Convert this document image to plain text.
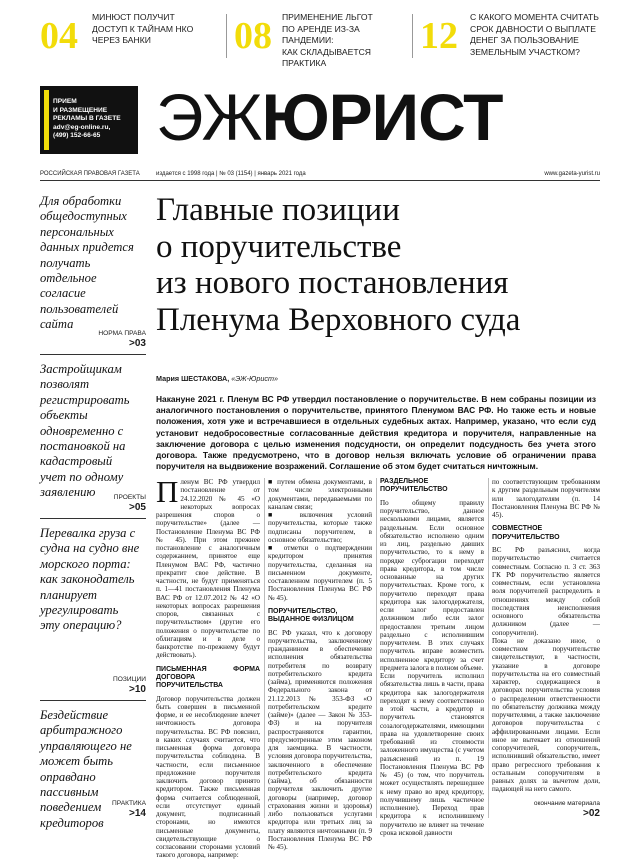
04 МИНЮСТ ПОЛУЧИТ
ДОСТУП К ТАЙНАМ НКО
ЧЕРЕЗ БАНКИ	08 ПРИМЕНЕНИЕ ЛЬГОТ
ПО АРЕНДЕ ИЗ-ЗА ПАНДЕМИИ:
КАК СКЛАДЫВАЕТСЯ
ПРАКТИКА
12 С КАКОГО МОМЕНТА СЧИТАТЬ
СРОК ДАВНОСТИ О ВЫПЛАТЕ
ДЕНЕГ ЗА ПОЛЬЗОВАНИЕ
ЗЕМЕЛЬНЫМ УЧАСТКОМ?
ПРИЕМ
И РАЗМЕЩЕНИЕ
РЕКЛАМЫ В ГАЗЕТЕ
adv@eg-online.ru,
(499) 152-66-65 ЭЖЮРИСТ
РОССИЙСКАЯ ПРАВОВАЯ ГАЗЕТА	издается с 1998 года | № 03 (1154) | январь 2021 года	www.gazeta-yurist.ru
Для обработки общедоступных персональных данных придется получать отдельное согласие пользователей сайта
НОРМА ПРАВА
>03
Застройщикам позволят регистрировать объекты одновременно с постановкой на кадастровый учет по одному заявлению	ПРОЕКТЫ
>05
Перевалка груза с судна на судно вне морского порта: как законодатель планирует урегулировать эту операцию?
ПОЗИЦИИ
>10
Бездействие арбитражного управляющего не может быть оправдано пассивным поведением кредиторов
ПРАКТИКА
>14
Главные позиции
о поручительстве
из нового постановления
Пленума Верховного суда
Мария ШЕСТАКОВА, «ЭЖ-Юрист»
Накануне 2021 г. Пленум ВС РФ утвердил постановление о поручительстве. В нем собраны позиции из аналогичного постановления о поручительстве, принятого Пленумом ВАС РФ. Но также есть и новые положения, хотя уже и встречавшиеся в отдельных судебных актах. Например, указано, что если суд установит недобросовестные согласованные действия кредитора и поручителя, направленные на заключение договора с целью изменения подсудности, он определит подсудность без учета этого договора. Также предусмотрено, что в договор нельзя включать условие об ограничении права поручителя на выдвижение возражений. Соглашение об этом будет считаться ничтожным.

Пленум ВС РФ утвердил постановление от 24.12.2020 № 45 «О некоторых вопросах разрешения споров о поручительстве» (далее — Постановление Пленума ВС РФ № 45). При этом прежнее постановление с аналогичным содержанием, принятое еще Пленумом ВАС РФ, частично прекратит свое действие. В частности, не будут применяться п. 1—41 постановления Пленума ВАС РФ от 12.07.2012 № 42 «О некоторых вопросах разрешения споров, связанных с поручительством» (другие его положения о поручительстве по облигациям и в деле о банкротстве по-прежнему будут действовать).

ПИСЬМЕННАЯ ФОРМА ДОГОВОРА ПОРУЧИТЕЛЬСТВА

Договор поручительства должен быть совершен в письменной форме, и ее несоблюдение влечет ничтожность договора поручительства. ВС РФ пояснил, в каких случаях считается, что письменная форма договора поручительства соблюдена. В частности, если письменное предложение поручителя заключить договор принято кредитором. Также письменная форма считается соблюденной, если отсутствует единый документ, подписанный сторонами, но имеются письменные документы, свидетельствующие о согласовании сторонами условий такого договора, например:

■ путем обмена документами, в том числе электронными документами, передаваемыми по каналам связи;

■ включения условий поручительства, которые также подписаны поручителем, в основное обязательство;

■ отметки о подтверждении кредитором принятия поручительства, сделанная на письменном документе, составленном поручителем (п. 5 Постановления Пленума ВС РФ № 45).

ПОРУЧИТЕЛЬСТВО, ВЫДАННОЕ ФИЗЛИЦОМ

ВС РФ указал, что к договору поручительства, заключенному гражданином в обеспечение исполнения обязательства потребителя по возврату потребительского кредита (займа), применяются положения Федерального закона от 21.12.2013 № 353-ФЗ «О потребительском кредите (займе)» (далее — Закон № 353-ФЗ) и на поручителя распространяются гарантии, предусмотренные этим законом для заемщика. В частности, условия договора поручительства, заключенного в обеспечение потребительского кредита (займа), об обязанности поручителя заключить другие договоры (например, договор страхования жизни и здоровья) либо пользоваться услугами кредитора или третьих лиц за плату являются ничтожными (п. 9 Постановления Пленума ВС РФ № 45).

РАЗДЕЛЬНОЕ ПОРУЧИТЕЛЬСТВО

По общему правилу поручительство, данное несколькими лицами, является раздельным. Если основное обязательство исполнено одним из лиц, раздельно давших поручительство, то к нему в порядке суброгации переходят права кредитора, в том числе основанные на других поручительствах. Кроме того, к поручителю переходят права кредитора как залогодержателя, если залог предоставлен должником либо если залог предоставлен третьим лицом раздельно с исполнившим поручителем. В этих случаях поручитель вправе возместить исполненное кредитору за счет предмета залога в полном объеме.

Если поручитель исполнил обязательства лишь в части, права кредитора как залогодержателя переходят к нему соответственно в этой части, а кредитор и поручитель становятся созалогодержателями, имеющими права на удовлетворение своих требований из стоимости заложенного имущества (с учетом разъяснений из п. 19 Постановления Пленума ВС РФ № 45) (о том, что поручитель может осуществлять перешедшее к нему право во вред кредитору, получившему лишь частичное исполнение). Переход прав кредитора к исполнившему поручителю не влияет на течение срока исковой давности

по соответствующим требованиям к другим раздельным поручителям или залогодателям (п. 14 Постановления Пленума ВС РФ № 45).

СОВМЕСТНОЕ ПОРУЧИТЕЛЬСТВО

ВС РФ разъяснил, когда поручительство считается совместным. Согласно п. 3 ст. 363 ГК РФ поручительство является совместным, если установлена воля поручителей распределить в отношениях между собой последствия неисполнения основного обязательства должником (далее — сопоручители).

Пока не доказано иное, о совместном поручительстве свидетельствуют, в частности, указание в договоре поручительства на его совместный характер, содержащиеся в договорах поручительства условия о распределении ответственности по обязательству должника между поручителями, а также заключение договоров поручительства с аффилированными лицами. Если иное не вытекает из отношений сопоручителей, сопоручитель, исполнивший обязательство, имеет право регрессного требования к остальным сопоручителям в равных долях за вычетом доли, падающей на него самого.

окончание материала
>02
